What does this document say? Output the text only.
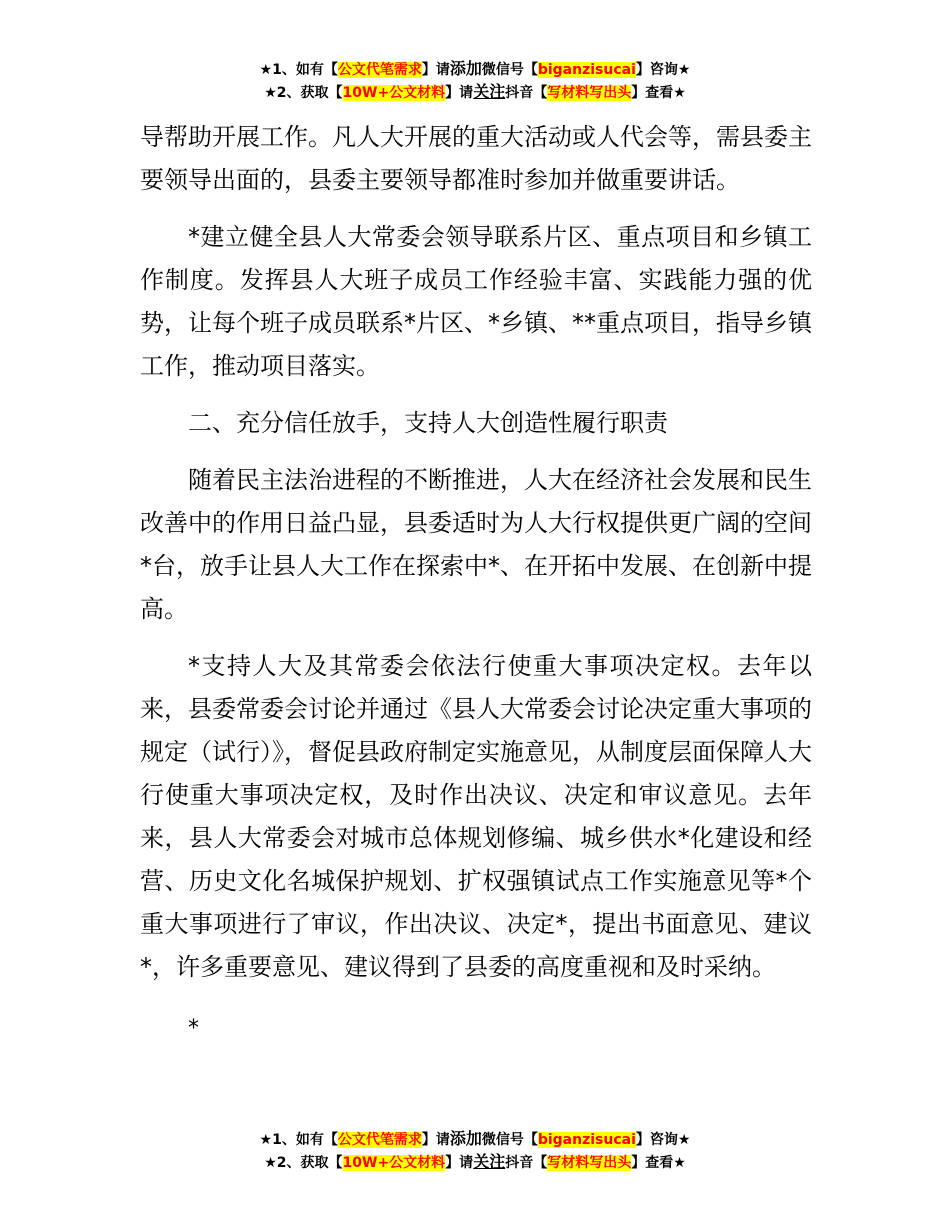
★1、如有【公文代笔需求】请添加微信号【biganzisucai】咨询★
★2、获取【10W+公文材料】请关注抖音【写材料写出头】查看★

导帮助开展工作。凡人大开展的重大活动或人代会等，需县委主要领导出面的，县委主要领导都准时参加并做重要讲话。

*建立健全县人大常委会领导联系片区、重点项目和乡镇工作制度。发挥县人大班子成员工作经验丰富、实践能力强的优势，让每个班子成员联系*片区、*乡镇、**重点项目，指导乡镇工作，推动项目落实。

二、充分信任放手，支持人大创造性履行职责

随着民主法治进程的不断推进，人大在经济社会发展和民生改善中的作用日益凸显，县委适时为人大行权提供更广阔的空间*台，放手让县人大工作在探索中*、在开拓中发展、在创新中提高。

*支持人大及其常委会依法行使重大事项决定权。去年以来，县委常委会讨论并通过《县人大常委会讨论决定重大事项的规定（试行）》，督促县政府制定实施意见，从制度层面保障人大行使重大事项决定权，及时作出决议、决定和审议意见。去年来，县人大常委会对城市总体规划修编、城乡供水*化建设和经营、历史文化名城保护规划、扩权强镇试点工作实施意见等*个重大事项进行了审议，作出决议、决定*，提出书面意见、建议*，许多重要意见、建议得到了县委的高度重视和及时采纳。

*

★1、如有【公文代笔需求】请添加微信号【biganzisucai】咨询★
★2、获取【10W+公文材料】请关注抖音【写材料写出头】查看★
